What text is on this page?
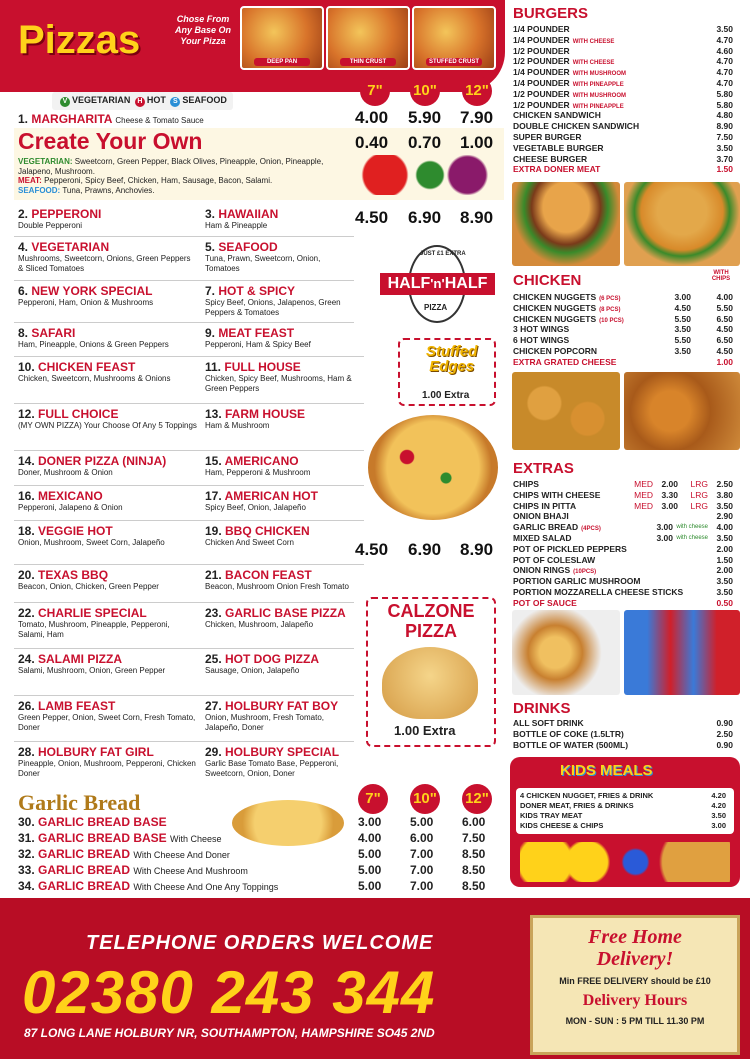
Pizzas	Chose From Any Base On Your Pizza
DEEP PAN	THIN CRUST	STUFFED CRUST
V VEGETARIAN H HOT S SEAFOOD
7"	10" 12"
1. MARGHARITA Cheese & Tomato Sauce	4.00 5.90 7.90
Create Your Own	0.40 0.70 1.00
VEGETARIAN: Sweetcorn, Green Pepper, Black Olives, Pineapple, Onion, Pineapple, Jalapeno, Mushroom.
MEAT: Pepperoni, Spicy Beef, Chicken, Ham, Sausage, Bacon, Salami.
SEAFOOD: Tuna, Prawns, Anchovies.
2. PEPPERONI
Double Pepperoni
4. VEGETARIAN
Mushrooms, Sweetcorn, Onions, Green Peppers & Sliced Tomatoes
6. NEW YORK SPECIAL
Pepperoni, Ham, Onion & Mushrooms
8. SAFARI
Ham, Pineapple, Onions & Green Peppers
10. CHICKEN FEAST
Chicken, Sweetcorn, Mushrooms & Onions
12. FULL CHOICE
(MY OWN PIZZA) Your Choose Of Any 5 Toppings
14. DONER PIZZA (NINJA)
Doner, Mushroom & Onion
16. MEXICANO
Pepperoni, Jalapeno & Onion
18. VEGGIE HOT
Onion, Mushroom, Sweet Corn, Jalapeño
20. TEXAS BBQ
Beacon, Onion, Chicken, Green Pepper
22. CHARLIE SPECIAL
Tomato, Mushroom, Pineapple, Pepperoni, Salami, Ham
24. SALAMI PIZZA
Salami, Mushroom, Onion, Green Pepper
26. LAMB FEAST
Green Pepper, Onion, Sweet Corn, Fresh Tomato, Doner
28. HOLBURY FAT GIRL
Pineapple, Onion, Mushroom, Pepperoni, Chicken Doner
3. HAWAIIAN
Ham & Pineapple
5. SEAFOOD
Tuna, Prawn, Sweetcorn, Onion, Tomatoes
7. HOT & SPICY
Spicy Beef, Onions, Jalapenos, Green Peppers & Tomatoes
9. MEAT FEAST
Pepperoni, Ham & Spicy Beef
11. FULL HOUSE
Chicken, Spicy Beef, Mushrooms, Ham & Green Peppers
13. FARM HOUSE
Ham & Mushroom
15. AMERICANO
Ham, Pepperoni & Mushroom
17. AMERICAN HOT
Spicy Beef, Onion, Jalapeño
19. BBQ CHICKEN
Chicken And Sweet Corn
21. BACON FEAST
Beacon, Mushroom Onion Fresh Tomato
23. GARLIC BASE PIZZA
Chicken, Mushroom, Jalapeño
25. HOT DOG PIZZA
Sausage, Onion, Jalapeño
27. HOLBURY FAT BOY
Onion, Mushroom, Fresh Tomato, Jalapeño, Doner
29. HOLBURY SPECIAL
Garlic Base Tomato Base, Pepperoni, Sweetcorn, Onion, Doner
4.50 6.90 8.90
4.50 6.90 8.90
JUST £1 EXTRA
HALF'n'HALF
PIZZA
Stuffed
Edges
1.00 Extra
CALZONE
PIZZA
1.00 Extra
Garlic Bread	7"	10" 12"
30. GARLIC BREAD BASE	3.00 5.00 6.00
31. GARLIC BREAD BASE With Cheese	4.00 6.00 7.50
32. GARLIC BREAD With Cheese And Doner	5.00 7.00 8.50
33. GARLIC BREAD With Cheese And Mushroom	5.00 7.00 8.50
34. GARLIC BREAD With Cheese And One Any Toppings	5.00 7.00 8.50
BURGERS
1/4 POUNDER	3.50
1/4 POUNDER WITH CHEESE	4.70
1/2 POUNDER	4.60
1/2 POUNDER WITH CHEESE	4.70
1/4 POUNDER WITH MUSHROOM	4.70
1/4 POUNDER WITH PINEAPPLE	4.70
1/2 POUNDER WITH MUSHROOM	5.80
1/2 POUNDER WITH PINEAPPLE	5.80
CHICKEN SANDWICH	4.80
DOUBLE CHICKEN SANDWICH	8.90
SUPER BURGER	7.50
VEGETABLE BURGER	3.50
CHEESE BURGER	3.70
EXTRA DONER MEAT	1.50
CHICKEN	WITH CHIPS
CHICKEN NUGGETS (6 PCS)	3.00	4.00
CHICKEN NUGGETS (8 PCS)	4.50	5.50
CHICKEN NUGGETS (10 PCS)	5.50	6.50
3 HOT WINGS	3.50	4.50
6 HOT WINGS	5.50	6.50
CHICKEN POPCORN	3.50	4.50
EXTRA GRATED CHEESE	1.00
EXTRAS
CHIPS	MED 2.00 LRG 2.50
CHIPS WITH CHEESE	MED 3.30 LRG 3.80
CHIPS IN PITTA	MED 3.00 LRG 3.50
ONION BHAJI	2.90
GARLIC BREAD (4PCS)	3.00 with cheese 4.00
MIXED SALAD	3.00 with cheese 3.50
POT OF PICKLED PEPPERS	2.00
POT OF COLESLAW	1.50
ONION RINGS (10PCS)	2.00
PORTION GARLIC MUSHROOM	3.50
PORTION MOZZARELLA CHEESE STICKS	3.50
POT OF SAUCE	0.50
DRINKS
ALL SOFT DRINK	0.90
BOTTLE OF COKE (1.5LTR)	2.50
BOTTLE OF WATER (500ML)	0.90
KIDS MEALS
4 CHICKEN NUGGET, FRIES & DRINK	4.20
DONER MEAT, FRIES & DRINKS	4.20
KIDS TRAY MEAT	3.50
KIDS CHEESE & CHIPS	3.00
TELEPHONE ORDERS WELCOME
02380 243 344
87 LONG LANE HOLBURY NR, SOUTHAMPTON, HAMPSHIRE SO45 2ND
Free Home
Delivery!
Min FREE DELIVERY should be £10
Delivery Hours
MON - SUN : 5 PM TILL 11.30 PM
